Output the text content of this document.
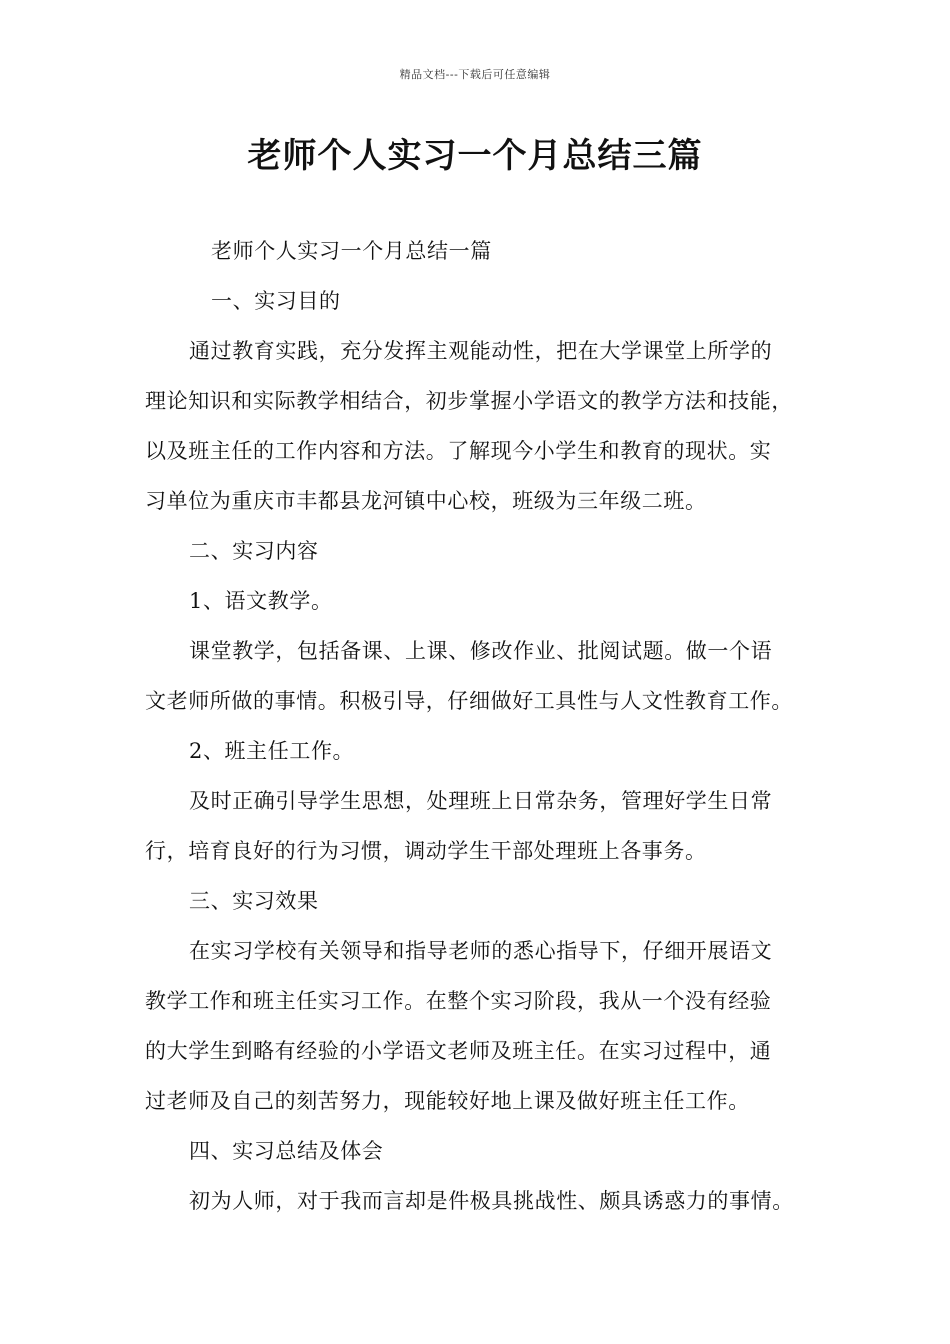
精品文档---下载后可任意编辑
老师个人实习一个月总结三篇
老师个人实习一个月总结一篇
一、实习目的
通过教育实践，充分发挥主观能动性，把在大学课堂上所学的
理论知识和实际教学相结合，初步掌握小学语文的教学方法和技能，
以及班主任的工作内容和方法。了解现今小学生和教育的现状。实
习单位为重庆市丰都县龙河镇中心校，班级为三年级二班。
二、实习内容
1、语文教学。
课堂教学，包括备课、上课、修改作业、批阅试题。做一个语
文老师所做的事情。积极引导，仔细做好工具性与人文性教育工作。
2、班主任工作。
及时正确引导学生思想，处理班上日常杂务，管理好学生日常
行，培育良好的行为习惯，调动学生干部处理班上各事务。
三、实习效果
在实习学校有关领导和指导老师的悉心指导下，仔细开展语文
教学工作和班主任实习工作。在整个实习阶段，我从一个没有经验
的大学生到略有经验的小学语文老师及班主任。在实习过程中，通
过老师及自己的刻苦努力，现能较好地上课及做好班主任工作。
四、实习总结及体会
初为人师，对于我而言却是件极具挑战性、颇具诱惑力的事情。
